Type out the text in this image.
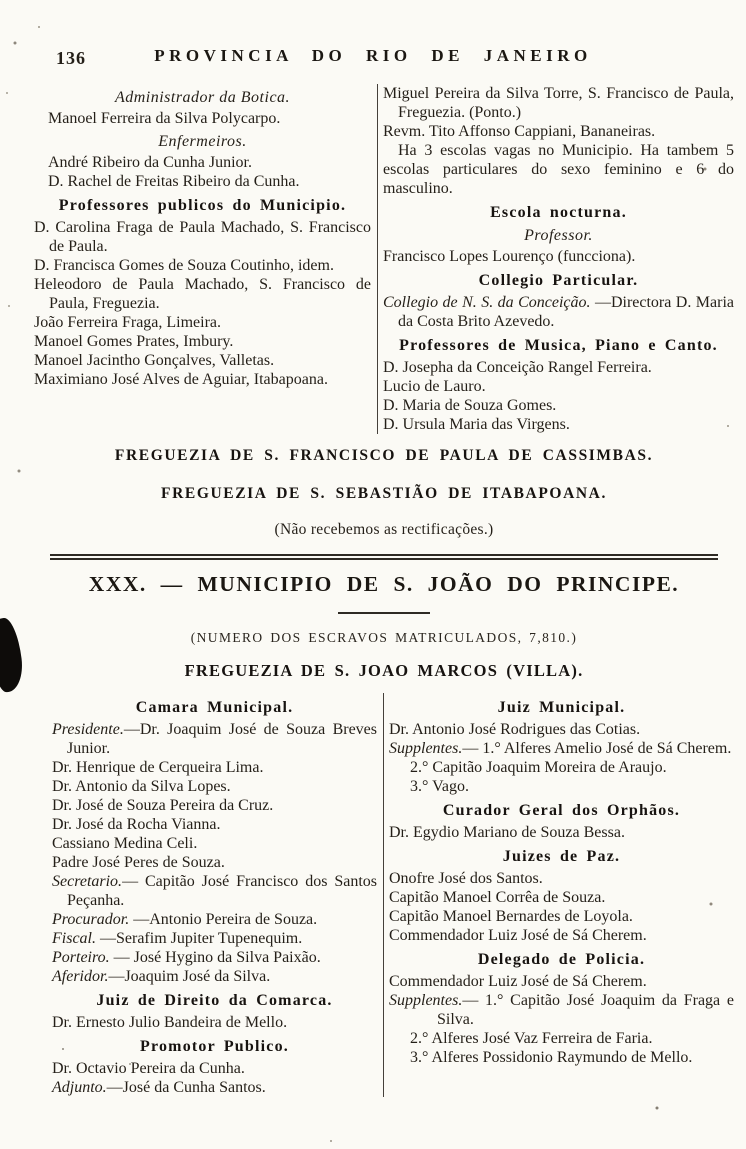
136	PROVINCIA DO RIO DE JANEIRO
Administrador da Botica.
Manoel Ferreira da Silva Polycarpo.
Enfermeiros.
André Ribeiro da Cunha Junior.
D. Rachel de Freitas Ribeiro da Cunha.
Professores publicos do Municipio.
D. Carolina Fraga de Paula Machado, S. Francisco de Paula.
D. Francisca Gomes de Souza Coutinho, idem.
Heleodoro de Paula Machado, S. Francisco de Paula, Freguezia.
João Ferreira Fraga, Limeira.
Manoel Gomes Prates, Imbury.
Manoel Jacintho Gonçalves, Valletas.
Maximiano José Alves de Aguiar, Itabapoana.
Miguel Pereira da Silva Torre, S. Francisco de Paula, Freguezia. (Ponto.)
Revm. Tito Affonso Cappiani, Bananeiras.
Ha 3 escolas vagas no Municipio. Ha tambem 5 escolas particulares do sexo feminino e 6 do masculino.
Escola nocturna.
Professor.
Francisco Lopes Lourenço (funcciona).
Collegio Particular.
Collegio de N. S. da Conceição. —Directora D. Maria da Costa Brito Azevedo.
Professores de Musica, Piano e Canto.
D. Josepha da Conceição Rangel Ferreira.
Lucio de Lauro.
D. Maria de Souza Gomes.
D. Ursula Maria das Virgens.
FREGUEZIA DE S. FRANCISCO DE PAULA DE CASSIMBAS.
FREGUEZIA DE S. SEBASTIÃO DE ITABAPOANA.
(Não recebemos as rectificações.)
XXX. — MUNICIPIO DE S. JOÃO DO PRINCIPE.
(NUMERO DOS ESCRAVOS MATRICULADOS, 7,810.)
FREGUEZIA DE S. JOAO MARCOS (VILLA).
Camara Municipal.
Presidente.—Dr. Joaquim José de Souza Breves Junior.
Dr. Henrique de Cerqueira Lima.
Dr. Antonio da Silva Lopes.
Dr. José de Souza Pereira da Cruz.
Dr. José da Rocha Vianna.
Cassiano Medina Celi.
Padre José Peres de Souza.
Secretario.— Capitão José Francisco dos Santos Peçanha.
Procurador. —Antonio Pereira de Souza.
Fiscal. —Serafim Jupiter Tupenequim.
Porteiro. — José Hygino da Silva Paixão.
Aferidor.—Joaquim José da Silva.
Juiz de Direito da Comarca.
Dr. Ernesto Julio Bandeira de Mello.
Promotor Publico.
Dr. Octavio Pereira da Cunha.
Adjunto.—José da Cunha Santos.
Juiz Municipal.
Dr. Antonio José Rodrigues das Cotias.
Supplentes.— 1.° Alferes Amelio José de Sá Cherem.
2.° Capitão Joaquim Moreira de Araujo.
3.° Vago.
Curador Geral dos Orphãos.
Dr. Egydio Mariano de Souza Bessa.
Juizes de Paz.
Onofre José dos Santos.
Capitão Manoel Corrêa de Souza.
Capitão Manoel Bernardes de Loyola.
Commendador Luiz José de Sá Cherem.
Delegado de Policia.
Commendador Luiz José de Sá Cherem.
Supplentes.— 1.° Capitão José Joaquim da Fraga e Silva.
2.° Alferes José Vaz Ferreira de Faria.
3.° Alferes Possidonio Raymundo de Mello.
